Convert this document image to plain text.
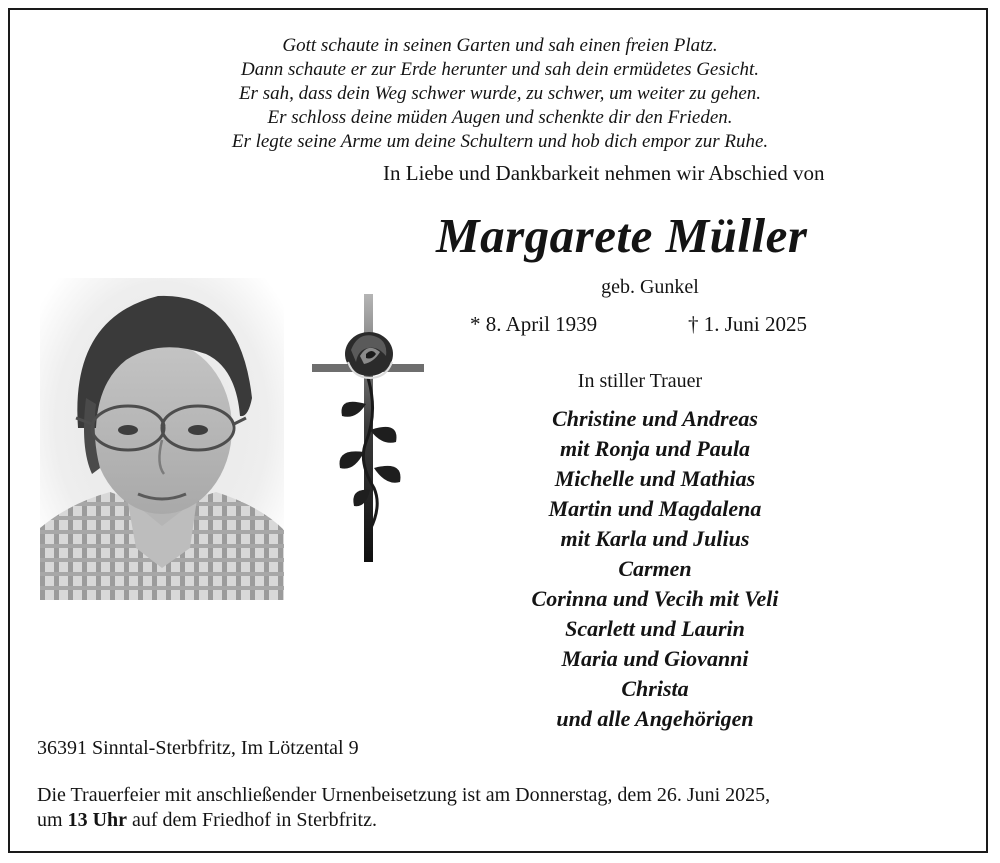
Gott schaute in seinen Garten und sah einen freien Platz.
Dann schaute er zur Erde herunter und sah dein ermüdetes Gesicht.
Er sah, dass dein Weg schwer wurde, zu schwer, um weiter zu gehen.
Er schloss deine müden Augen und schenkte dir den Frieden.
Er legte seine Arme um deine Schultern und hob dich empor zur Ruhe.
In Liebe und Dankbarkeit nehmen wir Abschied von
Margarete Müller
geb. Gunkel
* 8. April 1939	† 1. Juni 2025
In stiller Trauer
Christine und Andreas
mit Ronja und Paula
Michelle und Mathias
Martin und Magdalena
mit Karla und Julius
Carmen
Corinna und Vecih mit Veli
Scarlett und Laurin
Maria und Giovanni
Christa
und alle Angehörigen
36391 Sinntal-Sterbfritz, Im Lötzental 9
Die Trauerfeier mit anschließender Urnenbeisetzung ist am Donnerstag, dem 26. Juni 2025,
um 13 Uhr auf dem Friedhof in Sterbfritz.
